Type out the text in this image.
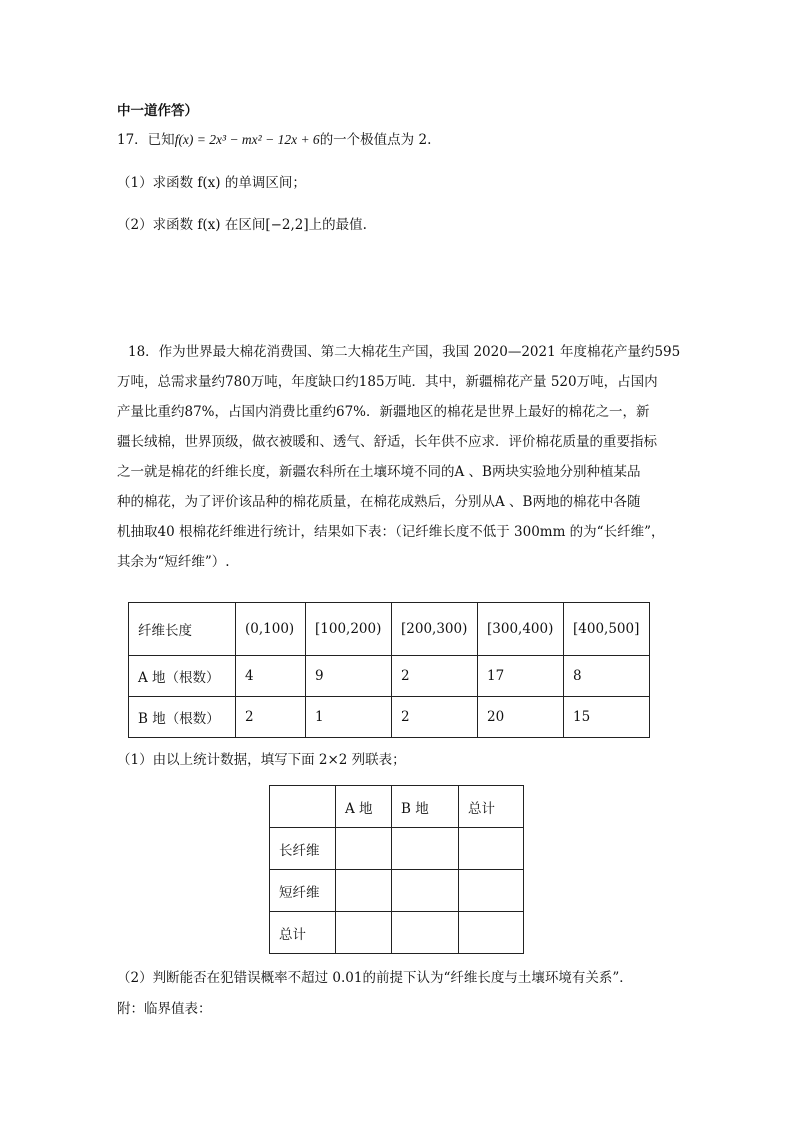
中一道作答）
17．已知f(x) = 2x³ − mx² − 12x + 6的一个极值点为 2.
（1）求函数 f(x) 的单调区间；
（2）求函数 f(x) 在区间[−2,2]上的最值.
18．作为世界最大棉花消费国、第二大棉花生产国，我国 2020—2021 年度棉花产量约595
万吨，总需求量约780万吨，年度缺口约185万吨．其中，新疆棉花产量 520万吨，占国内
产量比重约87%，占国内消费比重约67%．新疆地区的棉花是世界上最好的棉花之一，新
疆长绒棉，世界顶级，做衣被暖和、透气、舒适，长年供不应求．评价棉花质量的重要指标
之一就是棉花的纤维长度，新疆农科所在土壤环境不同的A 、B两块实验地分别种植某品
种的棉花，为了评价该品种的棉花质量，在棉花成熟后，分别从A 、B两地的棉花中各随
机抽取40 根棉花纤维进行统计，结果如下表：（记纤维长度不低于 300mm 的为“长纤维”，
其余为“短纤维”）.
纤维长度	(0,100)	[100,200)	[200,300)	[300,400)	[400,500]
A 地（根数）	4	9	2	17	8
B 地（根数）	2	1	2	20	15
（1）由以上统计数据，填写下面 2×2 列联表；
	A 地	B 地	总计
长纤维			
短纤维			
总计			
（2）判断能否在犯错误概率不超过 0.01的前提下认为“纤维长度与土壤环境有关系”．
附：临界值表：
